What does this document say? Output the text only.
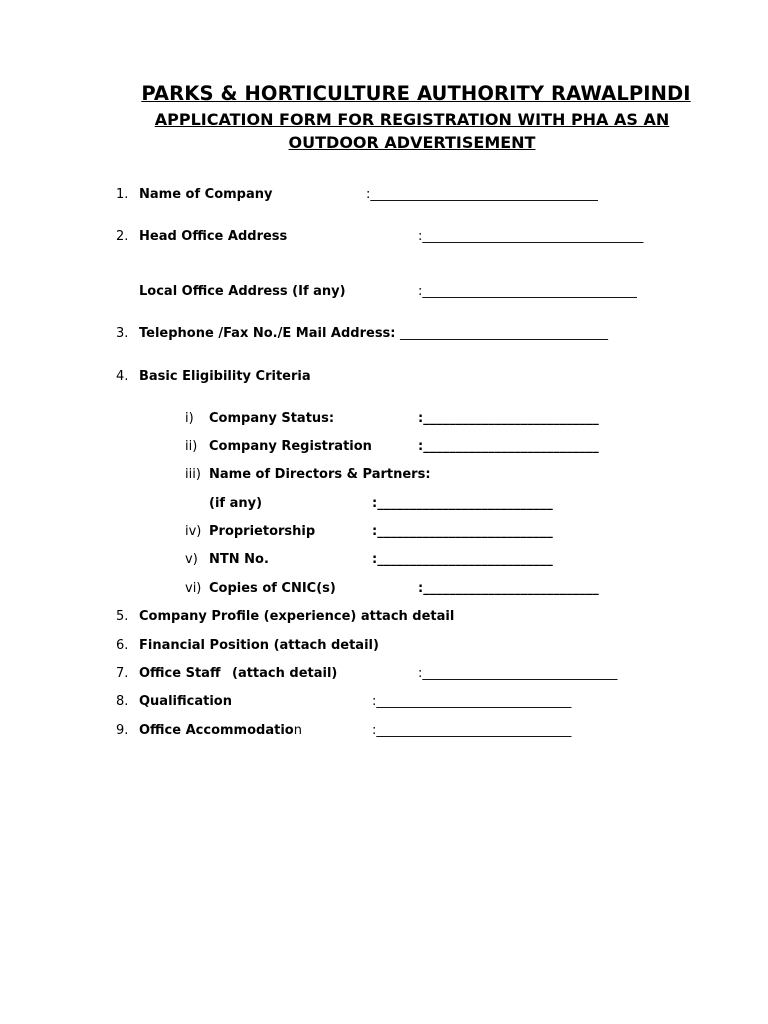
PARKS & HORTICULTURE AUTHORITY RAWALPINDI
APPLICATION FORM FOR REGISTRATION WITH PHA AS AN OUTDOOR ADVERTISEMENT
1. Name of Company	:___________________________________
2. Head Office Address	:__________________________________
Local Office Address (If any)	:_________________________________
3. Telephone /Fax No./E Mail Address: ________________________________
4. Basic Eligibility Criteria
i) Company Status:	:___________________________
ii) Company Registration	:___________________________
iii) Name of Directors & Partners:
(if any)	:___________________________
iv) Proprietorship	:___________________________
v) NTN No.	:___________________________
vi) Copies of CNIC(s)	:___________________________
5. Company Profile (experience) attach detail
6. Financial Position (attach detail)
7. Office Staff (attach detail)	:______________________________
8. Qualification	:______________________________
9. Office Accommodation	:______________________________
